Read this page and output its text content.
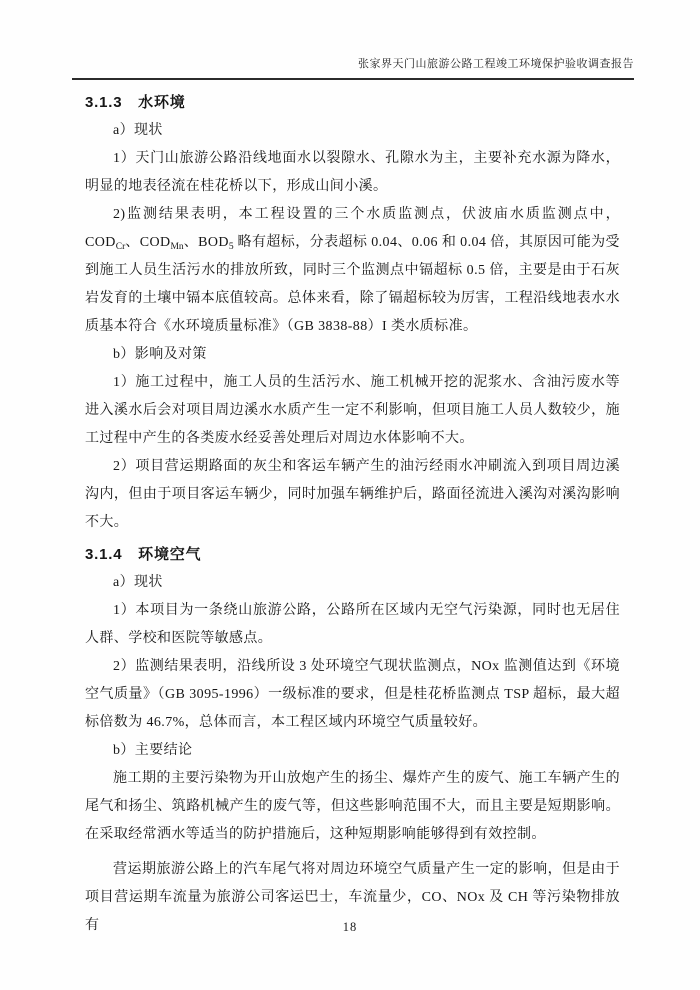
张家界天门山旅游公路工程竣工环境保护验收调查报告
3.1.3　水环境

a）现状

1）天门山旅游公路沿线地面水以裂隙水、孔隙水为主，主要补充水源为降水，明显的地表径流在桂花桥以下，形成山间小溪。

2)监测结果表明，本工程设置的三个水质监测点，伏波庙水质监测点中，$COD_{Cr}$、$COD_{Mn}$、$BOD_5$ 略有超标，分表超标 0.04、0.06 和 0.04 倍，其原因可能为受到施工人员生活污水的排放所致，同时三个监测点中镉超标 0.5 倍，主要是由于石灰岩发育的土壤中镉本底值较高。总体来看，除了镉超标较为厉害，工程沿线地表水水质基本符合《水环境质量标准》（GB 3838-88）I 类水质标准。

b）影响及对策

1）施工过程中，施工人员的生活污水、施工机械开挖的泥浆水、含油污废水等进入溪水后会对项目周边溪水水质产生一定不利影响，但项目施工人员人数较少，施工过程中产生的各类废水经妥善处理后对周边水体影响不大。

2）项目营运期路面的灰尘和客运车辆产生的油污经雨水冲刷流入到项目周边溪沟内，但由于项目客运车辆少，同时加强车辆维护后，路面径流进入溪沟对溪沟影响不大。

3.1.4　环境空气

a）现状

1）本项目为一条绕山旅游公路，公路所在区域内无空气污染源，同时也无居住人群、学校和医院等敏感点。

2）监测结果表明，沿线所设 3 处环境空气现状监测点，NOx 监测值达到《环境空气质量》（GB 3095-1996）一级标准的要求，但是桂花桥监测点 TSP 超标，最大超标倍数为 46.7%，总体而言，本工程区域内环境空气质量较好。

b）主要结论

施工期的主要污染物为开山放炮产生的扬尘、爆炸产生的废气、施工车辆产生的尾气和扬尘、筑路机械产生的废气等，但这些影响范围不大，而且主要是短期影响。在采取经常洒水等适当的防护措施后，这种短期影响能够得到有效控制。

营运期旅游公路上的汽车尾气将对周边环境空气质量产生一定的影响，但是由于项目营运期车流量为旅游公司客运巴士，车流量少，CO、NOx 及 CH 等污染物排放有	18
